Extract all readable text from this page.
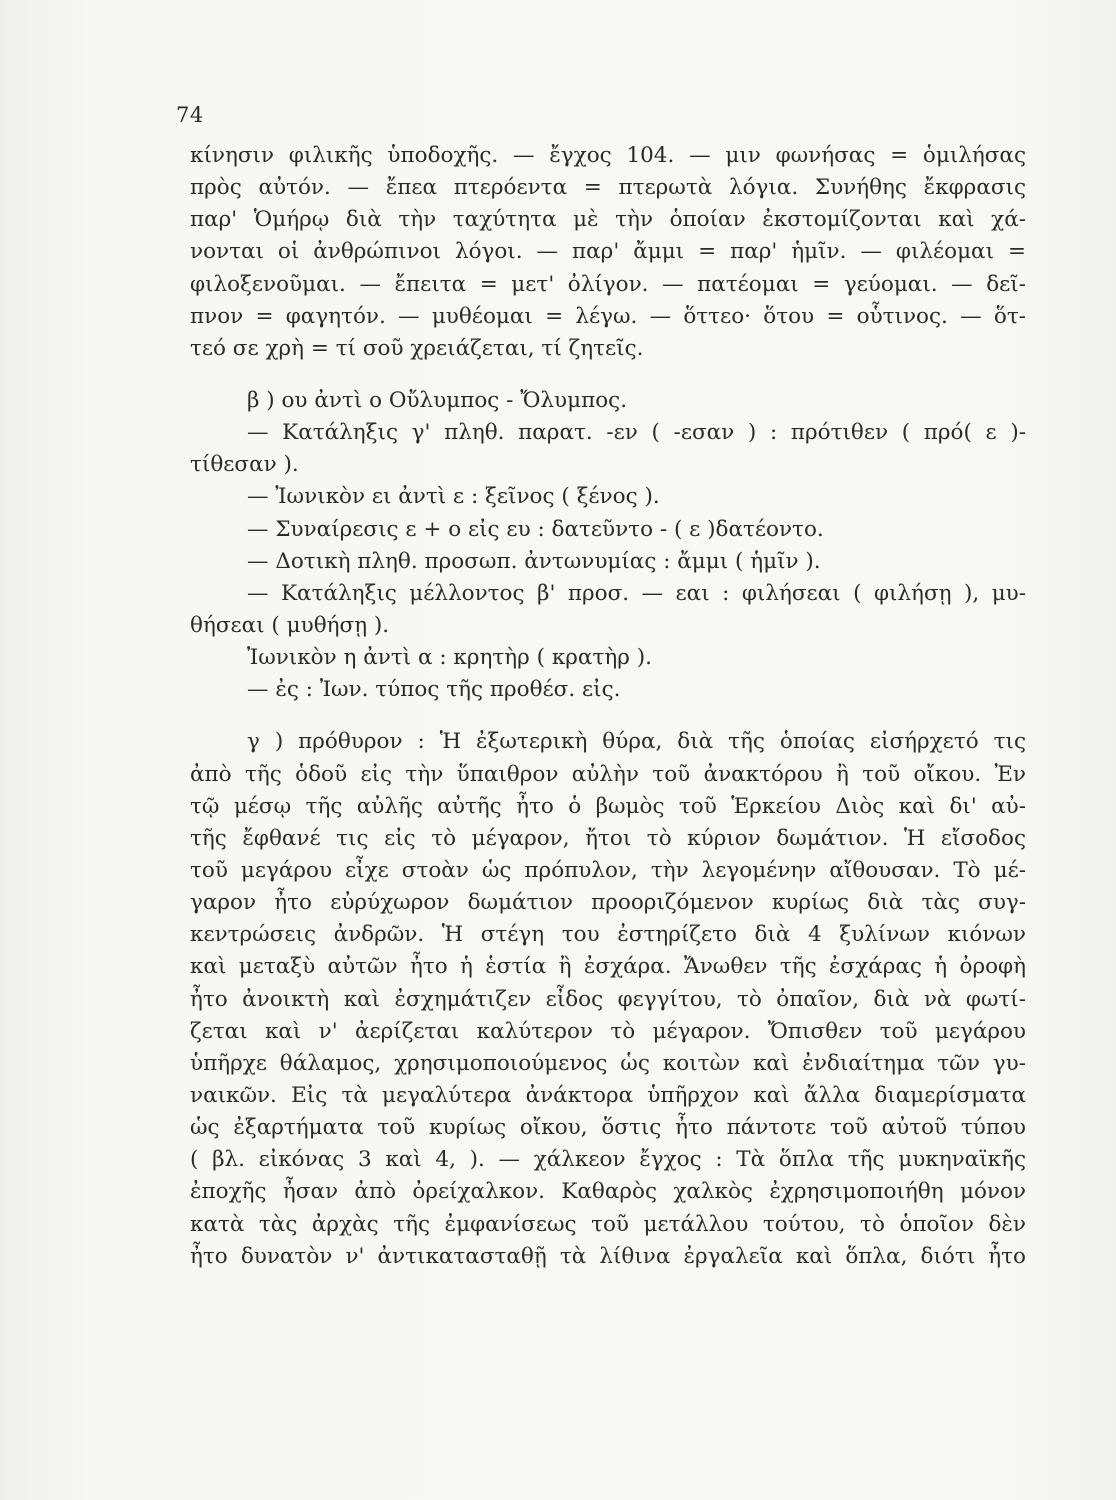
74
κίνησιν φιλικῆς ὑποδοχῆς. — ἔγχος 104. — μιν φωνήσας = ὁμιλήσας
πρὸς αὐτόν. — ἔπεα πτερόεντα = πτερωτὰ λόγια. Συνήθης ἔκφρασις
παρ' Ὁμήρῳ διὰ τὴν ταχύτητα μὲ τὴν ὁποίαν ἐκστομίζονται καὶ χά-
νονται οἱ ἀνθρώπινοι λόγοι. — παρ' ἄμμι = παρ' ἡμῖν. — φιλέομαι =
φιλοξενοῦμαι. — ἔπειτα = μετ' ὀλίγον. — πατέομαι = γεύομαι. — δεῖ-
πνον = φαγητόν. — μυθέομαι = λέγω. — ὅττεο· ὅτου = οὗτινος. — ὅτ-
τεό σε χρὴ = τί σοῦ χρειάζεται, τί ζητεῖς.
β ) ου ἀντὶ ο Οὔλυμπος - Ὄλυμπος.
— Κατάληξις γ' πληθ. παρατ. -εν ( -εσαν ) : πρότιθεν ( πρό( ε )-
τίθεσαν ).
— Ἰωνικὸν ει ἀντὶ ε : ξεῖνος ( ξένος ).
— Συναίρεσις ε + ο εἰς ευ : δατεῦντο - ( ε )δατέοντο.
— Δοτικὴ πληθ. προσωπ. ἀντωνυμίας : ἄμμι ( ἡμῖν ).
— Κατάληξις μέλλοντος β' προσ. — εαι : φιλήσεαι ( φιλήσῃ ), μυ-
θήσεαι ( μυθήσῃ ).
Ἰωνικὸν η ἀντὶ α : κρητὴρ ( κρατὴρ ).
— ἐς : Ἰων. τύπος τῆς προθέσ. εἰς.
γ ) πρόθυρον : Ἡ ἐξωτερικὴ θύρα, διὰ τῆς ὁποίας εἰσήρχετό τις
ἀπὸ τῆς ὁδοῦ εἰς τὴν ὕπαιθρον αὐλὴν τοῦ ἀνακτόρου ἢ τοῦ οἴκου. Ἐν
τῷ μέσῳ τῆς αὐλῆς αὐτῆς ἦτο ὁ βωμὸς τοῦ Ἑρκείου Διὸς καὶ δι' αὐ-
τῆς ἔφθανέ τις εἰς τὸ μέγαρον, ἤτοι τὸ κύριον δωμάτιον. Ἡ εἴσοδος
τοῦ μεγάρου εἶχε στοὰν ὡς πρόπυλον, τὴν λεγομένην αἴθουσαν. Τὸ μέ-
γαρον ἦτο εὐρύχωρον δωμάτιον προοριζόμενον κυρίως διὰ τὰς συγ-
κεντρώσεις ἀνδρῶν. Ἡ στέγη του ἐστηρίζετο διὰ 4 ξυλίνων κιόνων
καὶ μεταξὺ αὐτῶν ἦτο ἡ ἑστία ἢ ἐσχάρα. Ἄνωθεν τῆς ἐσχάρας ἡ ὀροφὴ
ἦτο ἀνοικτὴ καὶ ἐσχημάτιζεν εἶδος φεγγίτου, τὸ ὀπαῖον, διὰ νὰ φωτί-
ζεται καὶ ν' ἀερίζεται καλύτερον τὸ μέγαρον. Ὄπισθεν τοῦ μεγάρου
ὑπῆρχε θάλαμος, χρησιμοποιούμενος ὡς κοιτὼν καὶ ἐνδιαίτημα τῶν γυ-
ναικῶν. Εἰς τὰ μεγαλύτερα ἀνάκτορα ὑπῆρχον καὶ ἄλλα διαμερίσματα
ὡς ἐξαρτήματα τοῦ κυρίως οἴκου, ὅστις ἦτο πάντοτε τοῦ αὐτοῦ τύπου
( βλ. εἰκόνας 3 καὶ 4, ). — χάλκεον ἔγχος : Τὰ ὅπλα τῆς μυκηναϊκῆς
ἐποχῆς ἦσαν ἀπὸ ὀρείχαλκον. Καθαρὸς χαλκὸς ἐχρησιμοποιήθη μόνον
κατὰ τὰς ἀρχὰς τῆς ἐμφανίσεως τοῦ μετάλλου τούτου, τὸ ὁποῖον δὲν
ἦτο δυνατὸν ν' ἀντικατασταθῇ τὰ λίθινα ἐργαλεῖα καὶ ὅπλα, διότι ἦτο
